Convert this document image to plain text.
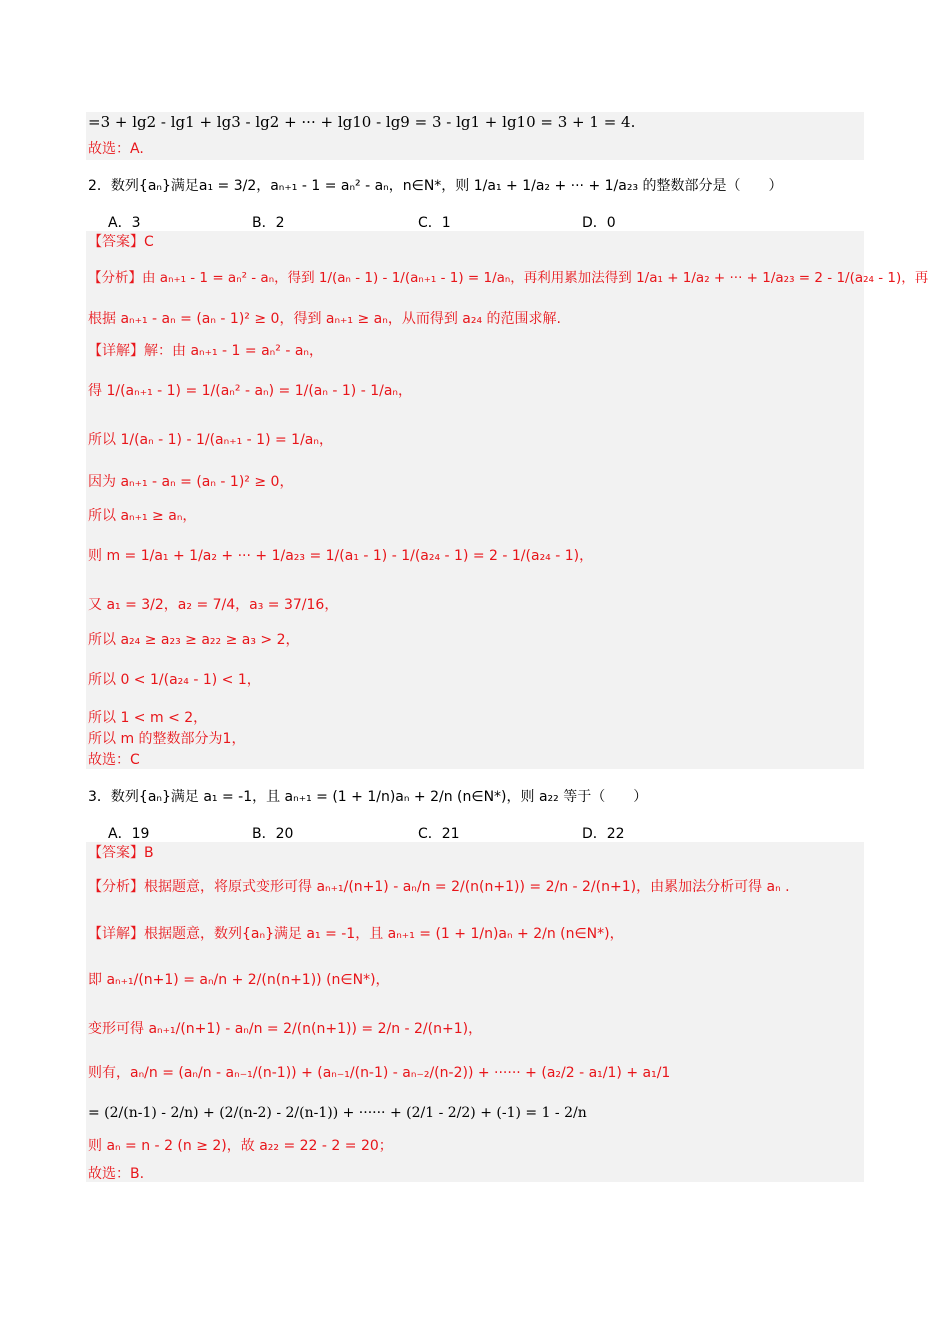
=3 + lg2 - lg1 + lg3 - lg2 + ··· + lg10 - lg9 = 3 - lg1 + lg10 = 3 + 1 = 4.
故选：A.
2．数列{aₙ}满足a₁ = 3/2，aₙ₊₁ - 1 = aₙ² - aₙ，n∈N*，则 1/a₁ + 1/a₂ + ··· + 1/a₂₃ 的整数部分是（　　）
A．3	B．2	C．1	D．0
【答案】C
【分析】由 aₙ₊₁ - 1 = aₙ² - aₙ，得到 1/(aₙ - 1) - 1/(aₙ₊₁ - 1) = 1/aₙ，再利用累加法得到 1/a₁ + 1/a₂ + ··· + 1/a₂₃ = 2 - 1/(a₂₄ - 1)，再
根据 aₙ₊₁ - aₙ = (aₙ - 1)² ≥ 0，得到 aₙ₊₁ ≥ aₙ，从而得到 a₂₄ 的范围求解.
【详解】解：由 aₙ₊₁ - 1 = aₙ² - aₙ，
得 1/(aₙ₊₁ - 1) = 1/(aₙ² - aₙ) = 1/(aₙ - 1) - 1/aₙ，
所以 1/(aₙ - 1) - 1/(aₙ₊₁ - 1) = 1/aₙ，
因为 aₙ₊₁ - aₙ = (aₙ - 1)² ≥ 0，
所以 aₙ₊₁ ≥ aₙ，
则 m = 1/a₁ + 1/a₂ + ··· + 1/a₂₃ = 1/(a₁ - 1) - 1/(a₂₄ - 1) = 2 - 1/(a₂₄ - 1)，
又 a₁ = 3/2，a₂ = 7/4，a₃ = 37/16，
所以 a₂₄ ≥ a₂₃ ≥ a₂₂ ≥ a₃ > 2，
所以 0 < 1/(a₂₄ - 1) < 1，
所以 1 < m < 2，
所以 m 的整数部分为1，
故选：C
3．数列{aₙ}满足 a₁ = -1，且 aₙ₊₁ = (1 + 1/n)aₙ + 2/n (n∈N*)，则 a₂₂ 等于（　　）
A．19	B．20	C．21	D．22
【答案】B
【分析】根据题意，将原式变形可得 aₙ₊₁/(n+1) - aₙ/n = 2/(n(n+1)) = 2/n - 2/(n+1)，由累加法分析可得 aₙ .
【详解】根据题意，数列{aₙ}满足 a₁ = -1，且 aₙ₊₁ = (1 + 1/n)aₙ + 2/n (n∈N*)，
即 aₙ₊₁/(n+1) = aₙ/n + 2/(n(n+1)) (n∈N*)，
变形可得 aₙ₊₁/(n+1) - aₙ/n = 2/(n(n+1)) = 2/n - 2/(n+1)，
则有，aₙ/n = (aₙ/n - aₙ₋₁/(n-1)) + (aₙ₋₁/(n-1) - aₙ₋₂/(n-2)) + ······ + (a₂/2 - a₁/1) + a₁/1
= (2/(n-1) - 2/n) + (2/(n-2) - 2/(n-1)) + ······ + (2/1 - 2/2) + (-1) = 1 - 2/n
则 aₙ = n - 2 (n ≥ 2)，故 a₂₂ = 22 - 2 = 20；
故选：B.
